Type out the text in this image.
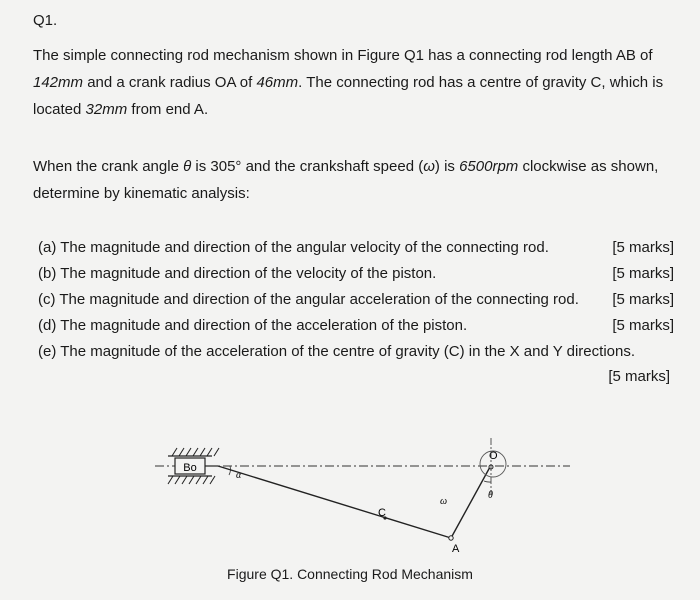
Q1.
The simple connecting rod mechanism shown in Figure Q1 has a connecting rod length AB of
142mm and a crank radius OA of 46mm. The connecting rod has a centre of gravity C, which is located 32mm from end A.
When the crank angle θ is 305° and the crankshaft speed (ω) is 6500rpm clockwise as shown, determine by kinematic analysis:
(a) The magnitude and direction of the angular velocity of the connecting rod.	[5 marks]
(b) The magnitude and direction of the velocity of the piston.	[5 marks]
(c) The magnitude and direction of the angular acceleration of the connecting rod. [5 marks]
(d) The magnitude and direction of the acceleration of the piston.	[5 marks]
(e) The magnitude of the acceleration of the centre of gravity (C) in the X and Y directions.
[5 marks]
Bo
α
C
A
ω
O
θ
Figure Q1. Connecting Rod Mechanism
